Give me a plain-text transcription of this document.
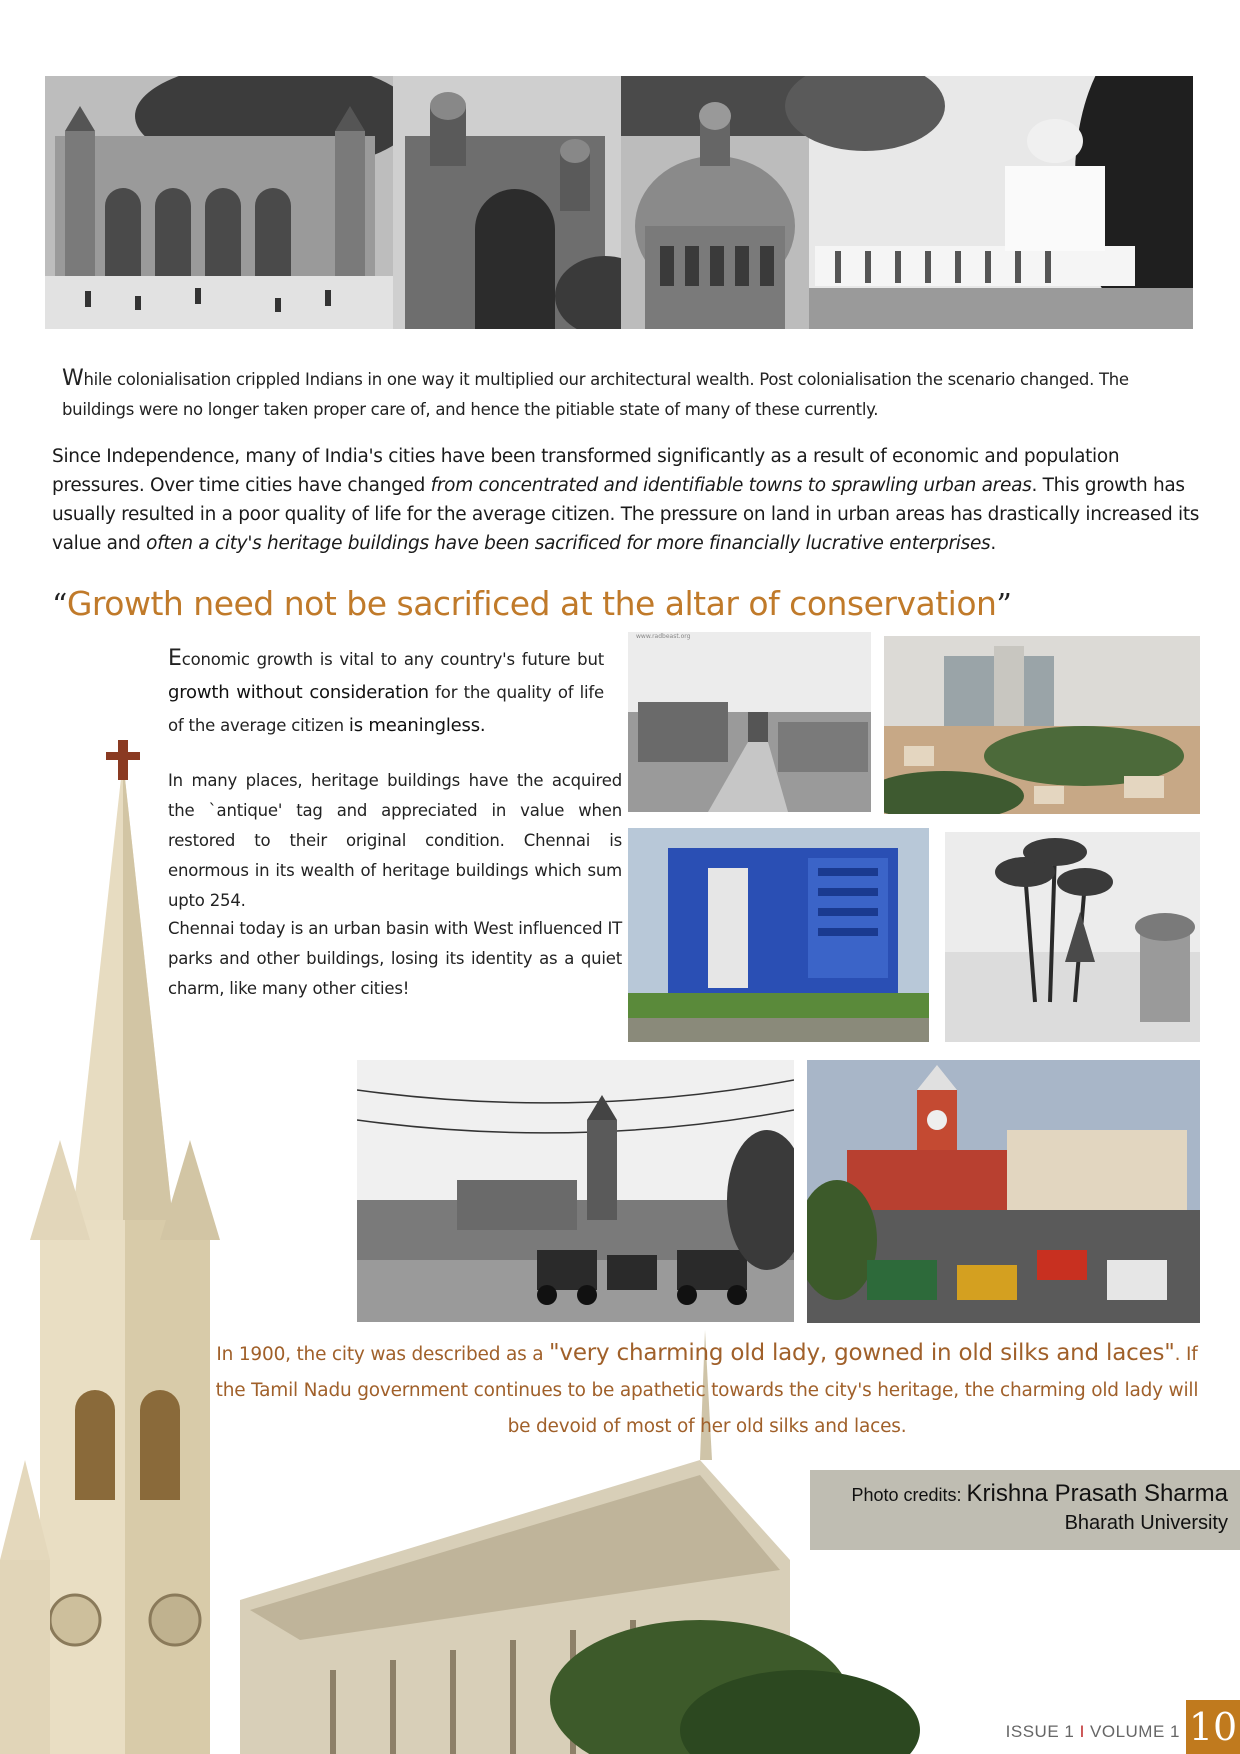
While colonialisation crippled Indians in one way it multiplied our architectural wealth. Post colonialisation the scenario changed. The buildings were no longer taken proper care of, and hence the pitiable state of many of these currently.

Since Independence, many of India's cities have been transformed significantly as a result of economic and population pressures. Over time cities have changed from concentrated and identifiable towns to sprawling urban areas. This growth has usually resulted in a poor quality of life for the average citizen. The pressure on land in urban areas has drastically increased its value and often a city's heritage buildings have been sacrificed for more financially lucrative enterprises.

“Growth need not be sacrificed at the altar of conservation”

Economic growth is vital to any country's future but growth without consideration for the quality of life of the average citizen is meaningless.

In many places, heritage buildings have the acquired the `antique' tag and appreciated in value when restored to their original condition. Chennai is enormous in its wealth of heritage buildings which sum upto 254.

Chennai today is an urban basin with West influenced IT parks and other buildings, losing its identity as a quiet charm, like many other cities!

www.radbeast.org

In 1900, the city was described as a "very charming old lady, gowned in old silks and laces". If the Tamil Nadu government continues to be apathetic towards the city's heritage, the charming old lady will be devoid of most of her old silks and laces.

Photo credits: Krishna Prasath Sharma
Bharath University
ISSUE 1 I VOLUME 1 10
